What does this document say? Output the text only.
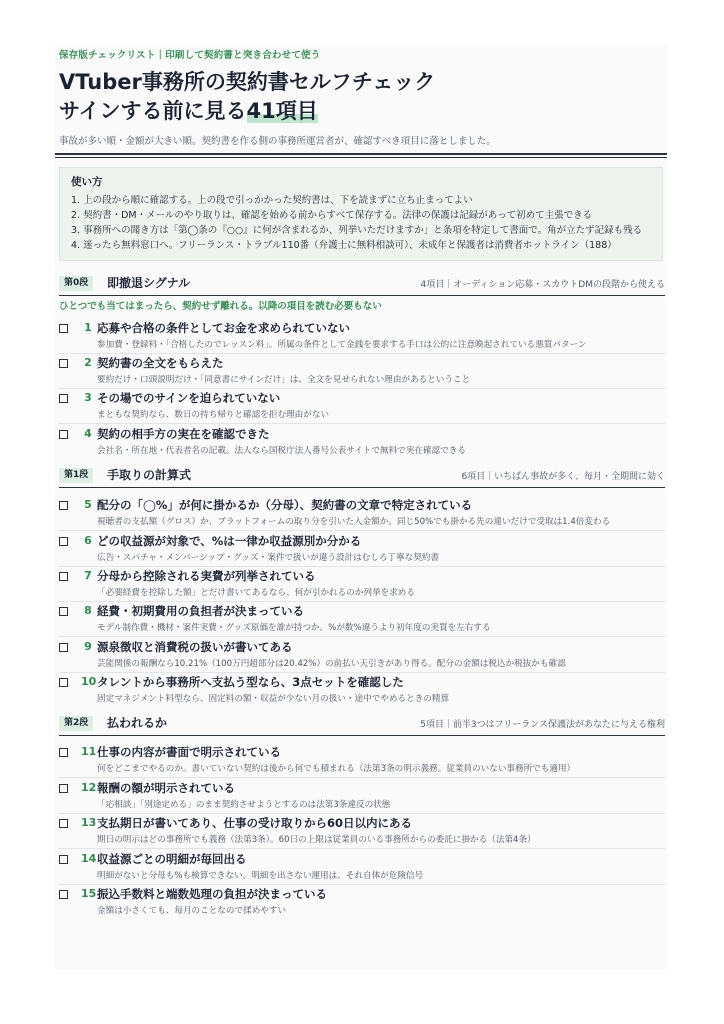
保存版チェックリスト｜印刷して契約書と突き合わせて使う
VTuber事務所の契約書セルフチェック
サインする前に見る41項目
事故が多い順・金額が大きい順。契約書を作る側の事務所運営者が、確認すべき項目に落としました。
使い方
1. 上の段から順に確認する。上の段で引っかかった契約書は、下を読まずに立ち止まってよい
2. 契約書・DM・メールのやり取りは、確認を始める前からすべて保存する。法律の保護は記録があって初めて主張できる
3. 事務所への聞き方は「第◯条の『○○』に何が含まれるか、列挙いただけますか」と条項を特定して書面で。角が立たず記録も残る
4. 迷ったら無料窓口へ。フリーランス・トラブル110番（弁護士に無料相談可）、未成年と保護者は消費者ホットライン（188）
第0段	即撤退シグナル	4項目｜オーディション応募・スカウトDMの段階から使える
ひとつでも当てはまったら、契約せず離れる。以降の項目を読む必要もない
1 応募や合格の条件としてお金を求められていない
参加費・登録料・「合格したのでレッスン料」。所属の条件として金銭を要求する手口は公的に注意喚起されている悪質パターン
2 契約書の全文をもらえた
要約だけ・口頭説明だけ・「同意書にサインだけ」は、全文を見せられない理由があるということ
3 その場でのサインを迫られていない
まともな契約なら、数日の持ち帰りと確認を拒む理由がない
4 契約の相手方の実在を確認できた
会社名・所在地・代表者名の記載。法人なら国税庁法人番号公表サイトで無料で実在確認できる
第1段	手取りの計算式	6項目｜いちばん事故が多く、毎月・全期間に効く
5 配分の「◯%」が何に掛かるか（分母）、契約書の文章で特定されている
視聴者の支払額（グロス）か、プラットフォームの取り分を引いた入金額か。同じ50%でも掛かる先の違いだけで受取は1.4倍変わる
6 どの収益源が対象で、%は一律か収益源別か分かる
広告・スパチャ・メンバーシップ・グッズ・案件で扱いが違う設計はむしろ丁寧な契約書
7 分母から控除される実費が列挙されている
「必要経費を控除した額」とだけ書いてあるなら、何が引かれるのか列挙を求める
8 経費・初期費用の負担者が決まっている
モデル制作費・機材・案件実費・グッズ原価を誰が持つか。%が数%違うより初年度の実質を左右する
9 源泉徴収と消費税の扱いが書いてある
芸能関係の報酬なら10.21%（100万円超部分は20.42%）の前払い天引きがあり得る。配分の金額は税込か税抜かも確認
10 タレントから事務所へ支払う型なら、3点セットを確認した
固定マネジメント料型なら、固定料の額・収益が少ない月の扱い・途中でやめるときの精算
第2段	払われるか	5項目｜前半3つはフリーランス保護法があなたに与える権利
11 仕事の内容が書面で明示されている
何をどこまでやるのか。書いていない契約は後から何でも積まれる（法第3条の明示義務。従業員のいない事務所でも適用）
12 報酬の額が明示されている
「応相談」「別途定める」のまま契約させようとするのは法第3条違反の状態
13 支払期日が書いてあり、仕事の受け取りから60日以内にある
期日の明示はどの事務所でも義務（法第3条）。60日の上限は従業員のいる事務所からの委託に掛かる（法第4条）
14 収益源ごとの明細が毎回出る
明細がないと分母も%も検算できない。明細を出さない運用は、それ自体が危険信号
15 振込手数料と端数処理の負担が決まっている
金額は小さくても、毎月のことなので揉めやすい
